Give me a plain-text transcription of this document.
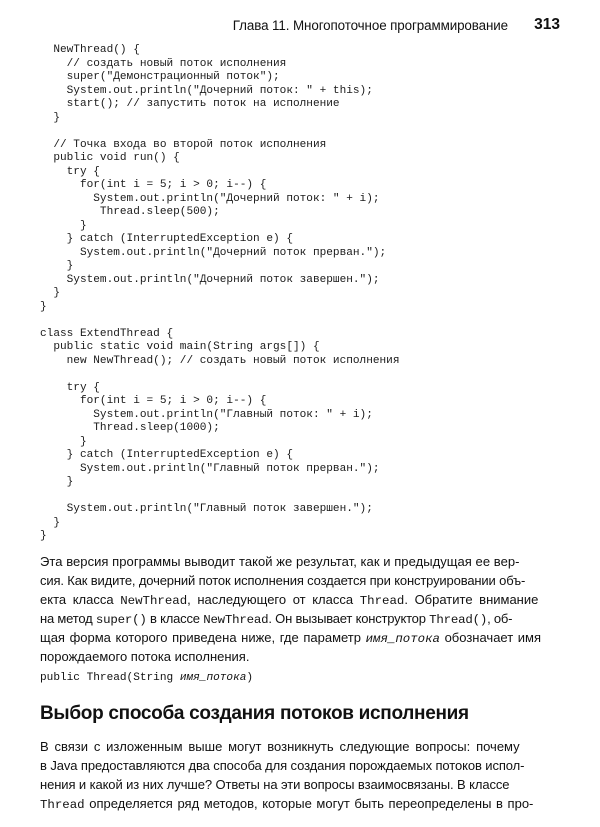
Глава 11. Многопоточное программирование 313
NewThread() {
// создать новый поток исполнения
super("Демонстрационный поток");
System.out.println("Дочерний поток: " + this);
start(); // запустить поток на исполнение
}
// Точка входа во второй поток исполнения
public void run() {
try {
for(int i = 5; i > 0; i--) {
System.out.println("Дочерний поток: " + i);
Thread.sleep(500);
}
} catch (InterruptedException e) {
System.out.println("Дочерний поток прерван.");
}
System.out.println("Дочерний поток завершен.");
}
}
class ExtendThread {
public static void main(String args[]) {
new NewThread(); // создать новый поток исполнения
try {
for(int i = 5; i > 0; i--) {
System.out.println("Главный поток: " + i);
Thread.sleep(1000);
}
} catch (InterruptedException e) {
System.out.println("Главный поток прерван.");
}
System.out.println("Главный поток завершен.");
}
}
Эта версия программы выводит такой же результат, как и предыдущая ее вер-
сия. Как видите, дочерний поток исполнения создается при конструировании объ-
екта класса NewThread, наследующего от класса Thread. Обратите внимание
на метод super() в классе NewThread. Он вызывает конструктор Thread(), об-
щая форма которого приведена ниже, где параметр имя_потока обозначает имя
порождаемого потока исполнения.
public Thread(String имя_потока)
Выбор способа создания потоков исполнения
В связи с изложенным выше могут возникнуть следующие вопросы: почему
в Java предоставляются два способа для создания порождаемых потоков испол-
нения и какой из них лучше? Ответы на эти вопросы взаимосвязаны. В классе
Thread определяется ряд методов, которые могут быть переопределены в про-
